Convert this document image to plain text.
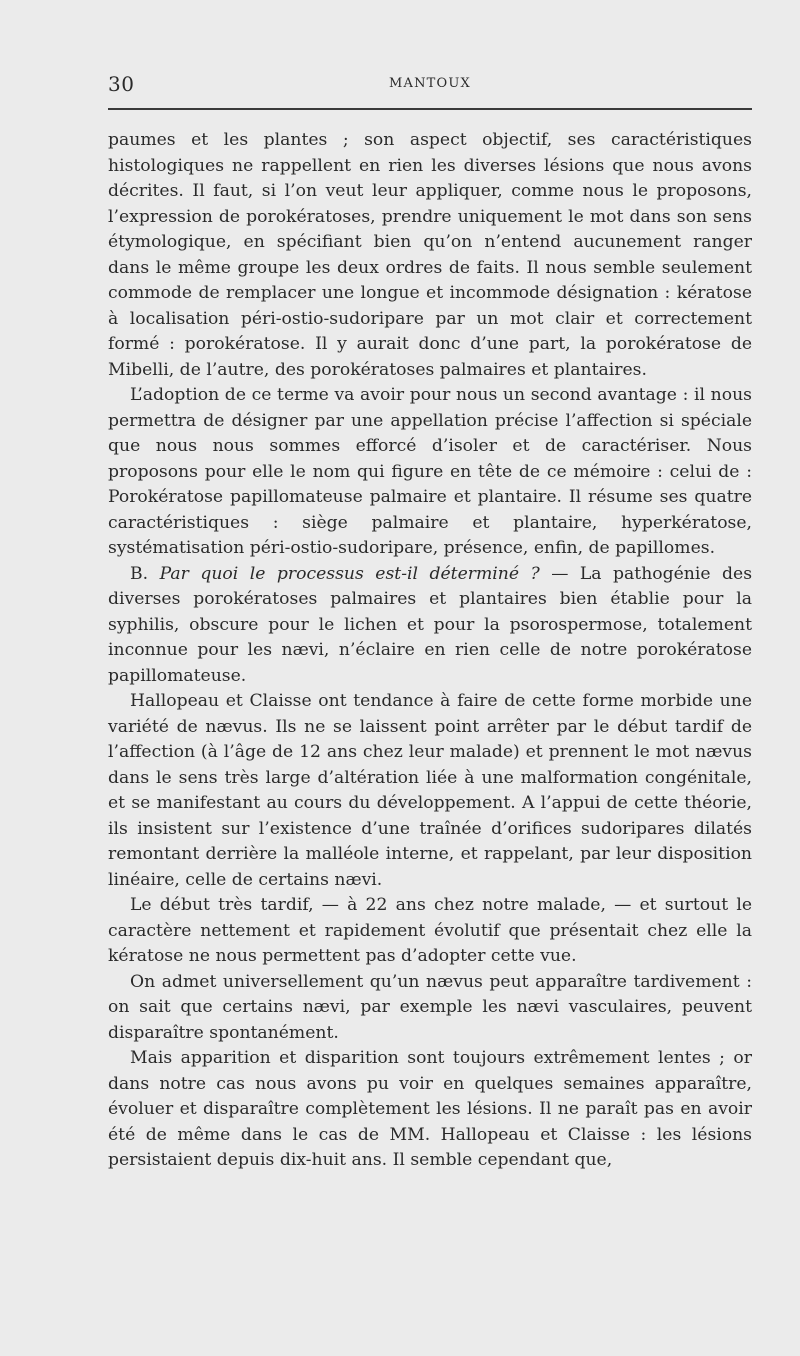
30	MANTOUX

paumes et les plantes ; son aspect objectif, ses caractéristiques histologiques ne rappellent en rien les diverses lésions que nous avons décrites. Il faut, si l’on veut leur appliquer, comme nous le proposons, l’expression de porokératoses, prendre uniquement le mot dans son sens étymologique, en spécifiant bien qu’on n’entend aucunement ranger dans le même groupe les deux ordres de faits. Il nous semble seulement commode de remplacer une longue et incommode désignation : kératose à localisation péri-ostio-sudoripare par un mot clair et correctement formé : porokératose. Il y aurait donc d’une part, la porokératose de Mibelli, de l’autre, des porokératoses palmaires et plantaires.

L’adoption de ce terme va avoir pour nous un second avantage : il nous permettra de désigner par une appellation précise l’affection si spéciale que nous nous sommes efforcé d’isoler et de caractériser. Nous proposons pour elle le nom qui figure en tête de ce mémoire : celui de : Porokératose papillomateuse palmaire et plantaire. Il résume ses quatre caractéristiques : siège palmaire et plantaire, hyperkératose, systématisation péri-ostio-sudoripare, présence, enfin, de papillomes.

B. Par quoi le processus est-il déterminé ? — La pathogénie des diverses porokératoses palmaires et plantaires bien établie pour la syphilis, obscure pour le lichen et pour la psorospermose, totalement inconnue pour les nævi, n’éclaire en rien celle de notre porokératose papillomateuse.

Hallopeau et Claisse ont tendance à faire de cette forme morbide une variété de nævus. Ils ne se laissent point arrêter par le début tardif de l’affection (à l’âge de 12 ans chez leur malade) et prennent le mot nævus dans le sens très large d’altération liée à une malformation congénitale, et se manifestant au cours du développement. A l’appui de cette théorie, ils insistent sur l’existence d’une traînée d’orifices sudoripares dilatés remontant derrière la malléole interne, et rappelant, par leur disposition linéaire, celle de certains nævi.

Le début très tardif, — à 22 ans chez notre malade, — et surtout le caractère nettement et rapidement évolutif que présentait chez elle la kératose ne nous permettent pas d’adopter cette vue.

On admet universellement qu’un nævus peut apparaître tardivement : on sait que certains nævi, par exemple les nævi vasculaires, peuvent disparaître spontanément.

Mais apparition et disparition sont toujours extrêmement lentes ; or dans notre cas nous avons pu voir en quelques semaines apparaître, évoluer et disparaître complètement les lésions. Il ne paraît pas en avoir été de même dans le cas de MM. Hallopeau et Claisse : les lésions persistaient depuis dix-huit ans. Il semble cependant que,
